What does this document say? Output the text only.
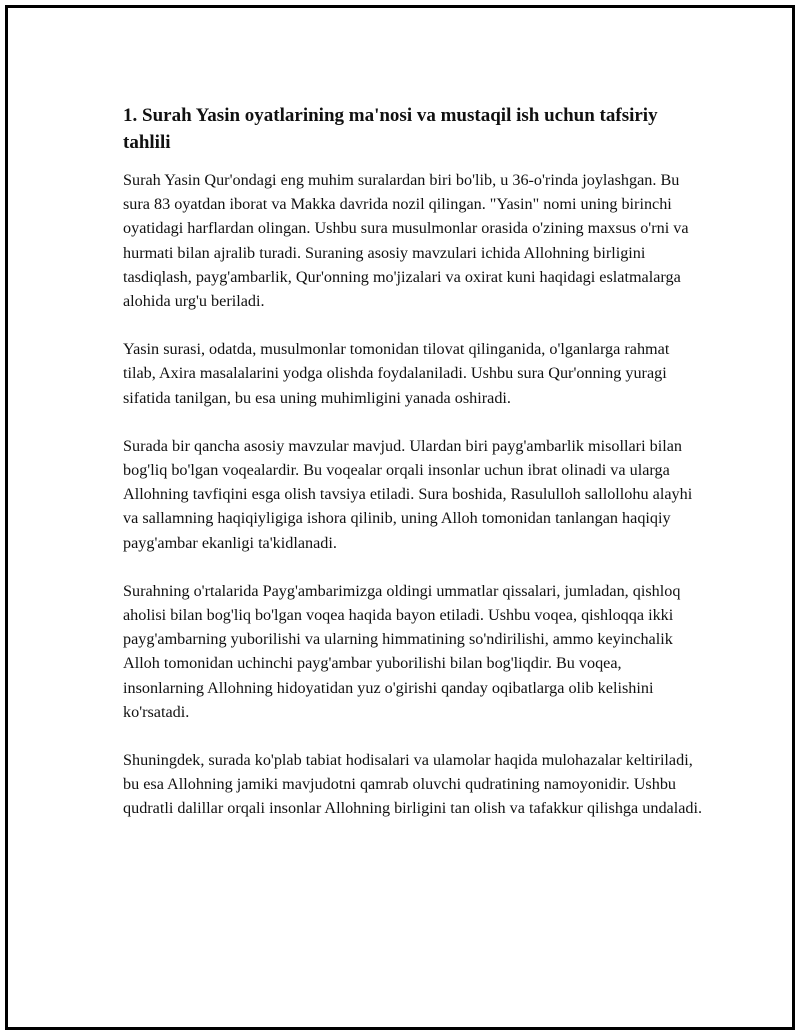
1. Surah Yasin oyatlarining ma'nosi va mustaqil ish uchun tafsiriy tahlili

Surah Yasin Qur'ondagi eng muhim suralardan biri bo'lib, u 36-o'rinda joylashgan. Bu sura 83 oyatdan iborat va Makka davrida nozil qilingan. "Yasin" nomi uning birinchi oyatidagi harflardan olingan. Ushbu sura musulmonlar orasida o'zining maxsus o'rni va hurmati bilan ajralib turadi. Suraning asosiy mavzulari ichida Allohning birligini tasdiqlash, payg'ambarlik, Qur'onning mo'jizalari va oxirat kuni haqidagi eslatmalarga alohida urg'u beriladi.

Yasin surasi, odatda, musulmonlar tomonidan tilovat qilinganida, o'lganlarga rahmat tilab, Axira masalalarini yodga olishda foydalaniladi. Ushbu sura Qur'onning yuragi sifatida tanilgan, bu esa uning muhimligini yanada oshiradi.

Surada bir qancha asosiy mavzular mavjud. Ulardan biri payg'ambarlik misollari bilan bog'liq bo'lgan voqealardir. Bu voqealar orqali insonlar uchun ibrat olinadi va ularga Allohning tavfiqini esga olish tavsiya etiladi. Sura boshida, Rasululloh sallollohu alayhi va sallamning haqiqiyligiga ishora qilinib, uning Alloh tomonidan tanlangan haqiqiy payg'ambar ekanligi ta'kidlanadi.

Surahning o'rtalarida Payg'ambarimizga oldingi ummatlar qissalari, jumladan, qishloq aholisi bilan bog'liq bo'lgan voqea haqida bayon etiladi. Ushbu voqea, qishloqqa ikki payg'ambarning yuborilishi va ularning himmatining so'ndirilishi, ammo keyinchalik Alloh tomonidan uchinchi payg'ambar yuborilishi bilan bog'liqdir. Bu voqea, insonlarning Allohning hidoyatidan yuz o'girishi qanday oqibatlarga olib kelishini ko'rsatadi.

Shuningdek, surada ko'plab tabiat hodisalari va ulamolar haqida mulohazalar keltiriladi, bu esa Allohning jamiki mavjudotni qamrab oluvchi qudratining namoyonidir. Ushbu qudratli dalillar orqali insonlar Allohning birligini tan olish va tafakkur qilishga undaladi.
